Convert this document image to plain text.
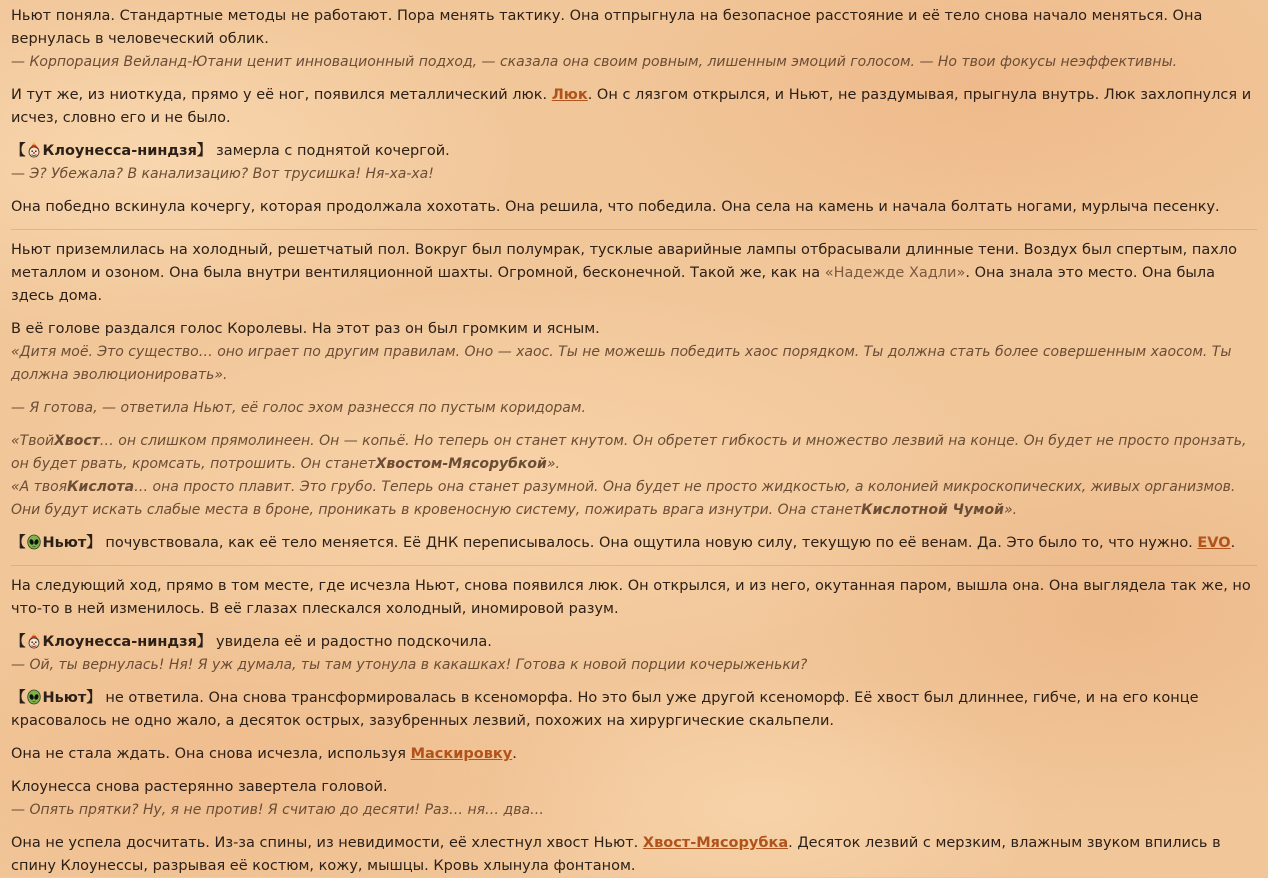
Ньют поняла. Стандартные методы не работают. Пора менять тактику. Она отпрыгнула на безопасное расстояние и её тело снова начало меняться. Она вернулась в человеческий облик.
— Корпорация Вейланд-Ютани ценит инновационный подход, — сказала она своим ровным, лишенным эмоций голосом. — Но твои фокусы неэффективны.
И тут же, из ниоткуда, прямо у её ног, появился металлический люк. Люк. Он с лязгом открылся, и Ньют, не раздумывая, прыгнула внутрь. Люк захлопнулся и исчез, словно его и не было.
【 Клоунесса-ниндзя】 замерла с поднятой кочергой.
— Э? Убежала? В канализацию? Вот трусишка! Ня-ха-ха!
Она победно вскинула кочергу, которая продолжала хохотать. Она решила, что победила. Она села на камень и начала болтать ногами, мурлыча песенку.
Ньют приземлилась на холодный, решетчатый пол. Вокруг был полумрак, тусклые аварийные лампы отбрасывали длинные тени. Воздух был спертым, пахло металлом и озоном. Она была внутри вентиляционной шахты. Огромной, бесконечной. Такой же, как на «Надежде Хадли». Она знала это место. Она была здесь дома.
В её голове раздался голос Королевы. На этот раз он был громким и ясным.
«Дитя моё. Это существо… оно играет по другим правилам. Оно — хаос. Ты не можешь победить хаос порядком. Ты должна стать более совершенным хаосом. Ты должна эволюционировать».
— Я готова, — ответила Ньют, её голос эхом разнесся по пустым коридорам.
«ТвойХвост… он слишком прямолинеен. Он — копьё. Но теперь он станет кнутом. Он обретет гибкость и множество лезвий на конце. Он будет не просто пронзать, он будет рвать, кромсать, потрошить. Он станетХвостом-Мясорубкой».
«А твояКислота… она просто плавит. Это грубо. Теперь она станет разумной. Она будет не просто жидкостью, а колонией микроскопических, живых организмов. Они будут искать слабые места в броне, проникать в кровеносную систему, пожирать врага изнутри. Она станетКислотной Чумой».
【 Ньют】 почувствовала, как её тело меняется. Её ДНК переписывалось. Она ощутила новую силу, текущую по её венам. Да. Это было то, что нужно. EVO.
На следующий ход, прямо в том месте, где исчезла Ньют, снова появился люк. Он открылся, и из него, окутанная паром, вышла она. Она выглядела так же, но что-то в ней изменилось. В её глазах плескался холодный, иномировой разум.
【 Клоунесса-ниндзя】 увидела её и радостно подскочила.
— Ой, ты вернулась! Ня! Я уж думала, ты там утонула в какашках! Готова к новой порции кочерыженьки?
【 Ньют】 не ответила. Она снова трансформировалась в ксеноморфа. Но это был уже другой ксеноморф. Её хвост был длиннее, гибче, и на его конце красовалось не одно жало, а десяток острых, зазубренных лезвий, похожих на хирургические скальпели.
Она не стала ждать. Она снова исчезла, используя Маскировку.
Клоунесса снова растерянно завертела головой.
— Опять прятки? Ну, я не против! Я считаю до десяти! Раз… ня… два…
Она не успела досчитать. Из-за спины, из невидимости, её хлестнул хвост Ньют. Хвост-Мясорубка. Десяток лезвий с мерзким, влажным звуком впились в спину Клоунессы, разрывая её костюм, кожу, мышцы. Кровь хлынула фонтаном.
